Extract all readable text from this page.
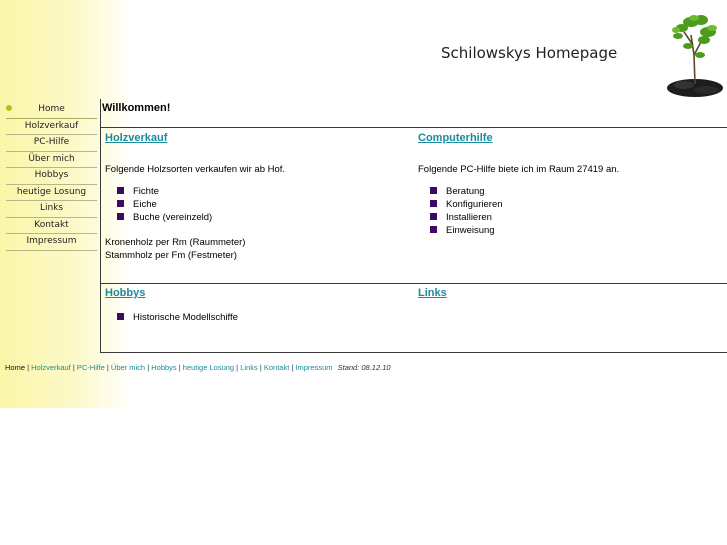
Schilowskys Homepage
Home
Holzverkauf
PC-Hilfe
Über mich
Hobbys
heutige Losung
Links
Kontakt
Impressum
Willkommen!
Holzverkauf
Folgende Holzsorten verkaufen wir ab Hof.
Fichte
Eiche
Buche (vereinzeld)
Kronenholz per Rm (Raummeter)
Stammholz per Fm (Festmeter)
Computerhilfe
Folgende PC-Hilfe biete ich im Raum 27419 an.
Beratung
Konfigurieren
Installieren
Einweisung
Hobbys
Historische Modellschiffe
Links
Home | Holzverkauf | PC-Hilfe | Über mich | Hobbys | heutige Losung | Links | Kontakt | Impressum Stand: 08.12.10
